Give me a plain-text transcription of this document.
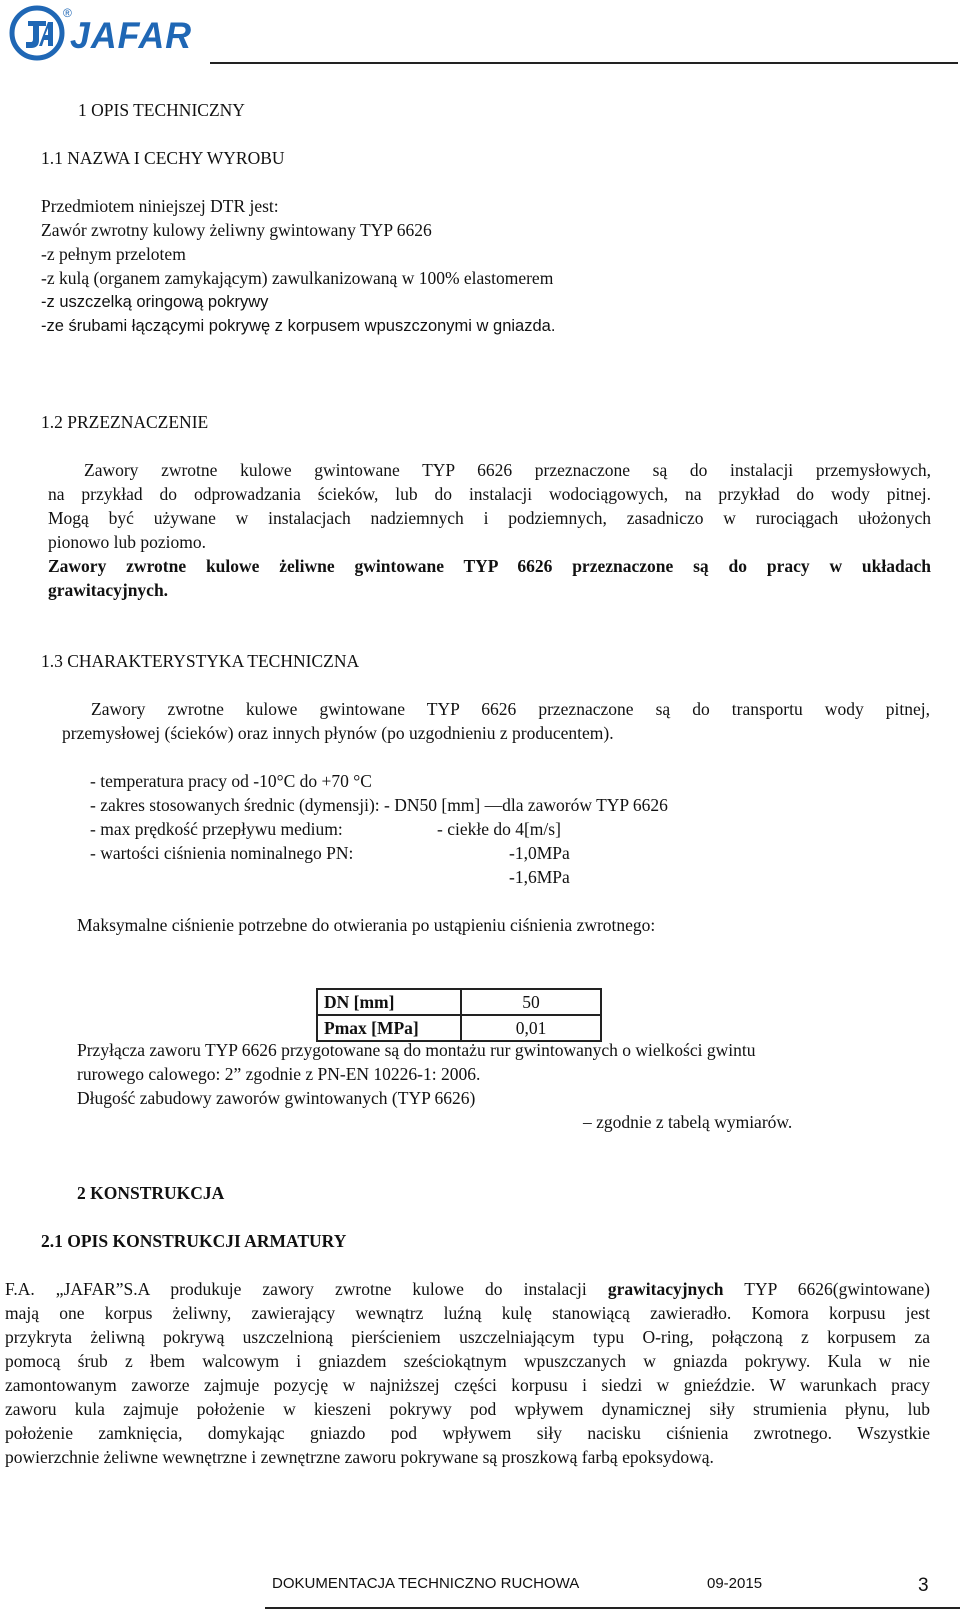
®
JAFAR
1 OPIS TECHNICZNY
1.1 NAZWA I CECHY WYROBU
Przedmiotem niniejszej DTR jest:
Zawór zwrotny kulowy żeliwny gwintowany TYP 6626
-z pełnym przelotem
-z kulą (organem zamykającym) zawulkanizowaną w 100% elastomerem
-z uszczelką oringową pokrywy
-ze śrubami łączącymi pokrywę z korpusem wpuszczonymi w gniazda.
1.2 PRZEZNACZENIE
Zawory zwrotne kulowe gwintowane TYP 6626 przeznaczone są do instalacji przemysłowych,
na przykład do odprowadzania ścieków, lub do instalacji wodociągowych, na przykład do wody pitnej.
Mogą być używane w instalacjach nadziemnych i podziemnych, zasadniczo w rurociągach ułożonych
pionowo lub poziomo.
Zawory zwrotne kulowe żeliwne gwintowane TYP 6626 przeznaczone są do pracy w układach
grawitacyjnych.
1.3 CHARAKTERYSTYKA TECHNICZNA
Zawory zwrotne kulowe gwintowane TYP 6626 przeznaczone są do transportu wody pitnej,
przemysłowej (ścieków) oraz innych płynów (po uzgodnieniu z producentem).
- temperatura pracy od -10°C do +70 °C
- zakres stosowanych średnic (dymensji): - DN50 [mm] —dla zaworów TYP 6626
- max prędkość przepływu medium:	- ciekłe do 4[m/s]
- wartości ciśnienia nominalnego PN:	-1,0MPa
-1,6MPa
Maksymalne ciśnienie potrzebne do otwierania po ustąpieniu ciśnienia zwrotnego:
DN [mm]	50
Pmax [MPa]	0,01
Przyłącza zaworu TYP 6626 przygotowane są do montażu rur gwintowanych o wielkości gwintu
rurowego calowego: 2” zgodnie z PN-EN 10226-1: 2006.
Długość zabudowy zaworów gwintowanych (TYP 6626)
– zgodnie z tabelą wymiarów.
2 KONSTRUKCJA
2.1 OPIS KONSTRUKCJI ARMATURY
F.A. „JAFAR”S.A produkuje zawory zwrotne kulowe do instalacji grawitacyjnych TYP 6626(gwintowane)
mają one korpus żeliwny, zawierający wewnątrz luźną kulę stanowiącą zawieradło. Komora korpusu jest
przykryta żeliwną pokrywą uszczelnioną pierścieniem uszczelniającym typu O-ring, połączoną z korpusem za
pomocą śrub z łbem walcowym i gniazdem sześciokątnym wpuszczanych w gniazda pokrywy. Kula w nie
zamontowanym zaworze zajmuje pozycję w najniższej części korpusu i siedzi w gnieździe. W warunkach pracy
zaworu kula zajmuje położenie w kieszeni pokrywy pod wpływem dynamicznej siły strumienia płynu, lub
położenie zamknięcia, domykając gniazdo pod wpływem siły nacisku ciśnienia zwrotnego. Wszystkie
powierzchnie żeliwne wewnętrzne i zewnętrzne zaworu pokrywane są proszkową farbą epoksydową.
DOKUMENTACJA TECHNICZNO RUCHOWA	09-2015	3
